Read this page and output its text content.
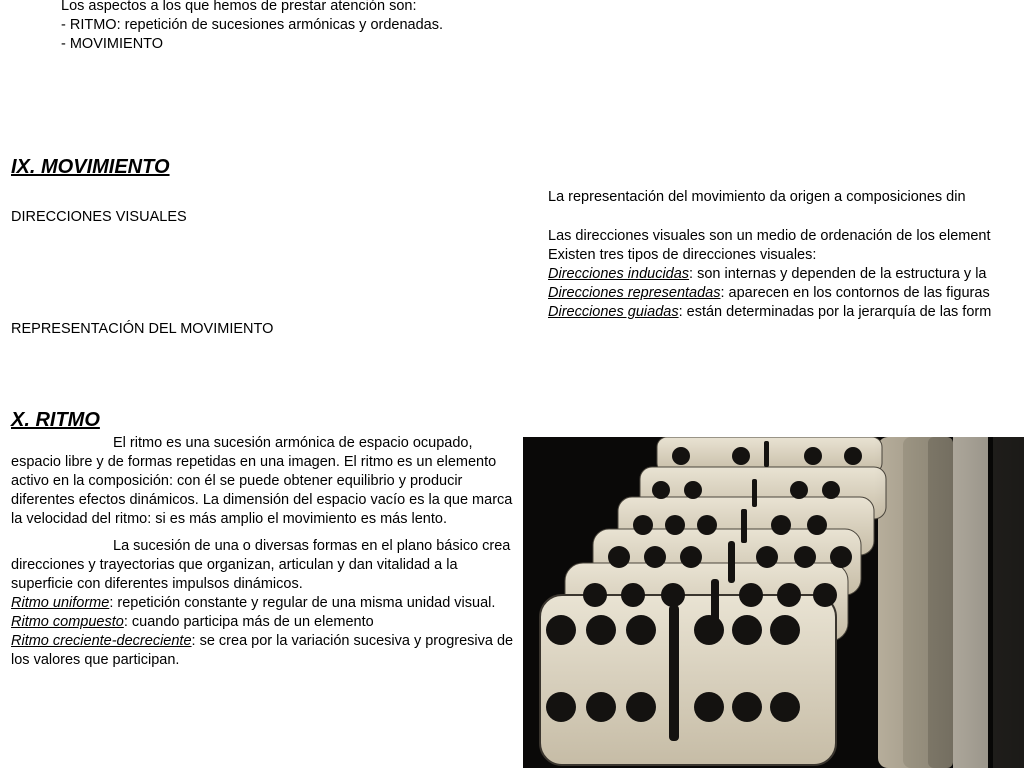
Los aspectos a los que hemos de prestar atención son:
- RITMO: repetición de sucesiones armónicas y ordenadas.
- MOVIMIENTO
IX. MOVIMIENTO
DIRECCIONES VISUALES
REPRESENTACIÓN DEL MOVIMIENTO
La representación del movimiento da origen a composiciones din
Las direcciones visuales son un medio de ordenación de los element
Existen tres tipos de direcciones visuales:
Direcciones inducidas: son internas y dependen de la estructura y la
Direcciones representadas: aparecen en los contornos de las figuras
Direcciones guiadas: están determinadas por la jerarquía de las form
X. RITMO

El ritmo es una sucesión armónica de espacio ocupado, espacio libre y de formas repetidas en una imagen. El ritmo es un elemento activo en la composición: con él se puede obtener equilibrio y producir diferentes efectos dinámicos. La dimensión del espacio vacío es la que marca la velocidad del ritmo: si es más amplio el movimiento es más lento.

La sucesión de una o diversas formas en el plano básico crea direcciones y trayectorias que organizan, articulan y dan vitalidad a la superficie con diferentes impulsos dinámicos.

Ritmo uniforme: repetición constante y regular de una misma unidad visual.

Ritmo compuesto: cuando participa más de un elemento

Ritmo creciente-decreciente: se crea por la variación sucesiva y progresiva de los valores que participan.
